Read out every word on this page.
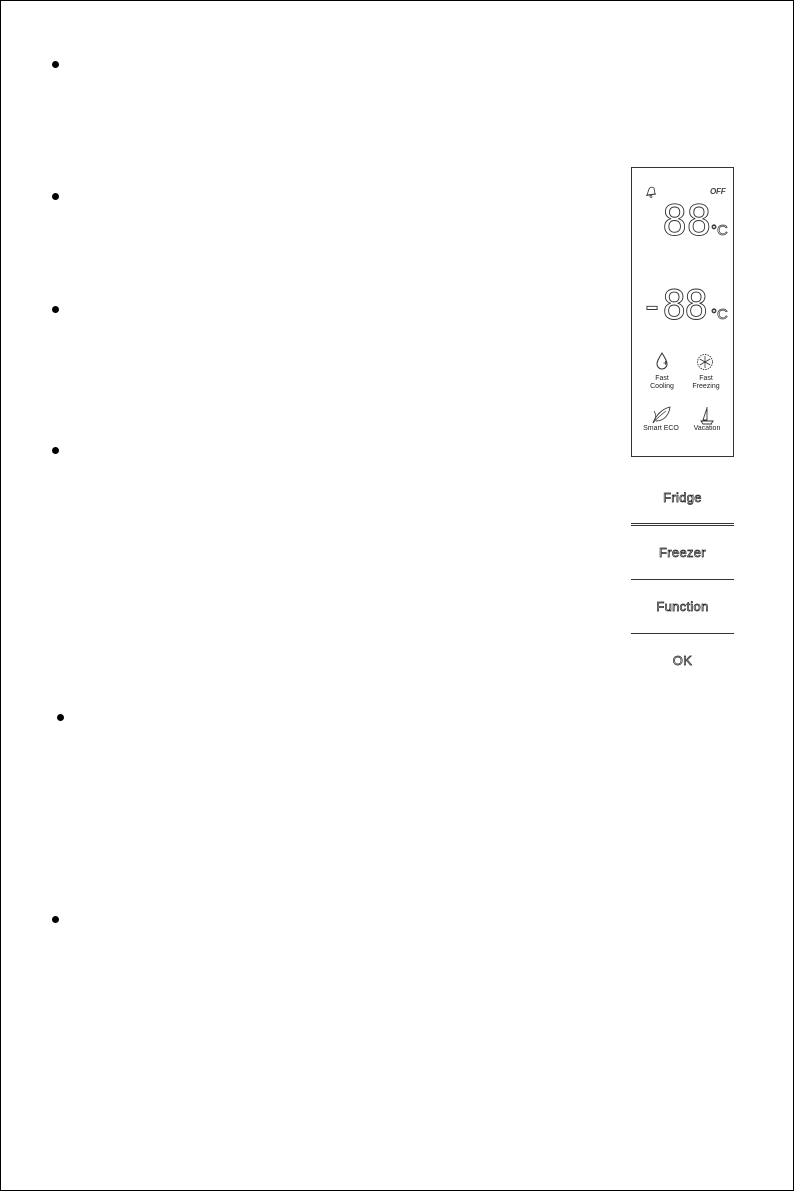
OFF
88 °C
-88 °C
Fast
Cooling
Fast
Freezing
Smart ECO	Vacation
Fridge
Freezer
Function
OK
